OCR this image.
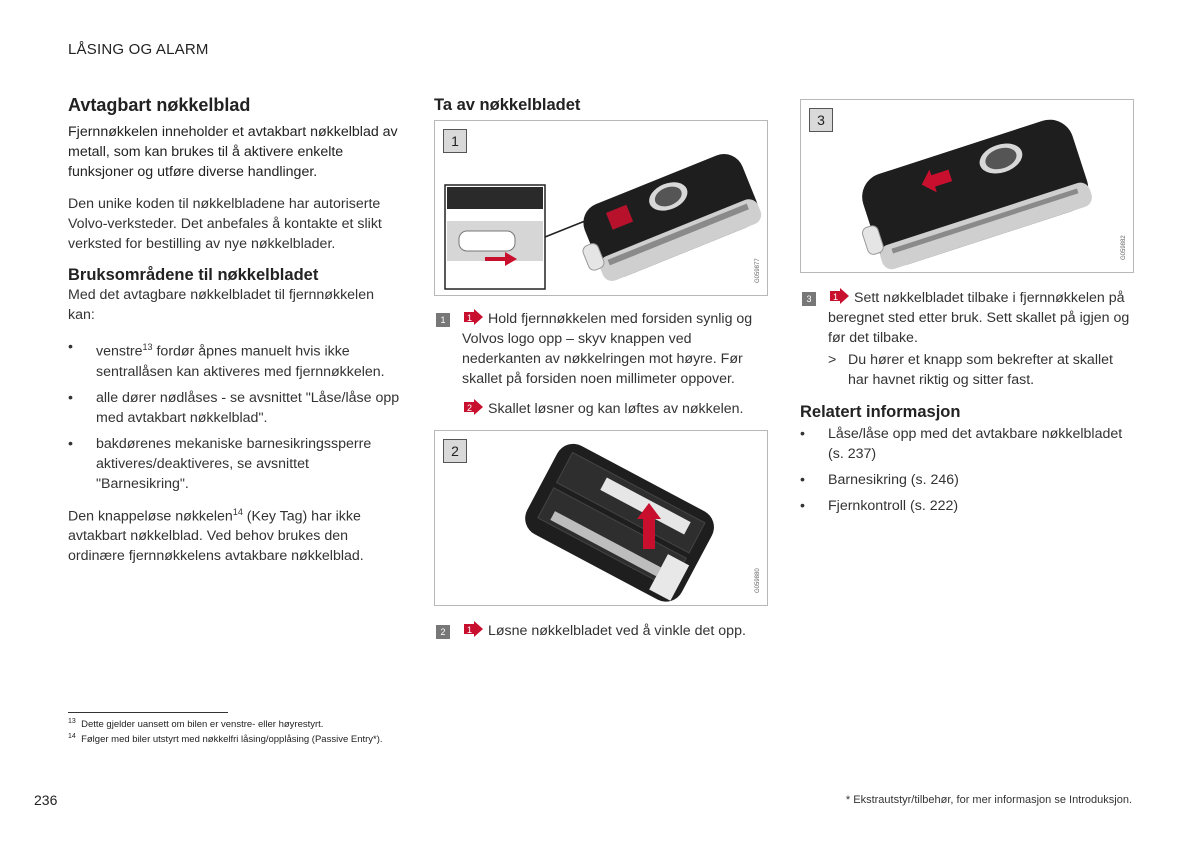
LÅSING OG ALARM
Avtagbart nøkkelblad

Fjernnøkkelen inneholder et avtakbart nøkkelblad av metall, som kan brukes til å aktivere enkelte funksjoner og utføre diverse handlinger.

Den unike koden til nøkkelbladene har autoriserte Volvo-verksteder. Det anbefales å kontakte et slikt verksted for bestilling av nye nøkkelblader.

Bruksområdene til nøkkelbladet

Med det avtagbare nøkkelbladet til fjernnøkkelen kan:

• venstre$^{13}$ fordør åpnes manuelt hvis ikke sentrallåsen kan aktiveres med fjernnøkkelen.
• alle dører nødlåses - se avsnittet "Låse/låse opp med avtakbart nøkkelblad".
• bakdørenes mekaniske barnesikringssperre aktiveres/deaktiveres, se avsnittet "Barnesikring".

Den knappeløse nøkkelen$^{14}$ (Key Tag) har ikke avtakbart nøkkelblad. Ved behov brukes den ordinære fjernnøkkelens avtakbare nøkkelblad.

Ta av nøkkelbladet
1
G059877
1	1 Hold fjernnøkkelen med forsiden synlig og Volvos logo opp – skyv knappen ved nederkanten av nøkkelringen mot høyre. Før skallet på forsiden noen millimeter oppover.
2 Skallet løsner og kan løftes av nøkkelen.
2
G059880
2	1 Løsne nøkkelbladet ved å vinkle det opp.
3
G059882
3	1 Sett nøkkelbladet tilbake i fjernnøkkelen på beregnet sted etter bruk. Sett skallet på igjen og før det tilbake.
> Du hører et knapp som bekrefter at skallet har havnet riktig og sitter fast.
Relatert informasjon
• Låse/låse opp med det avtakbare nøkkelbladet (s. 237)
• Barnesikring (s. 246)
• Fjernkontroll (s. 222)
$^{13}$ Dette gjelder uansett om bilen er venstre- eller høyrestyrt.
$^{14}$ Følger med biler utstyrt med nøkkelfri låsing/opplåsing (Passive Entry*).
236	* Ekstrautstyr/tilbehør, for mer informasjon se Introduksjon.
